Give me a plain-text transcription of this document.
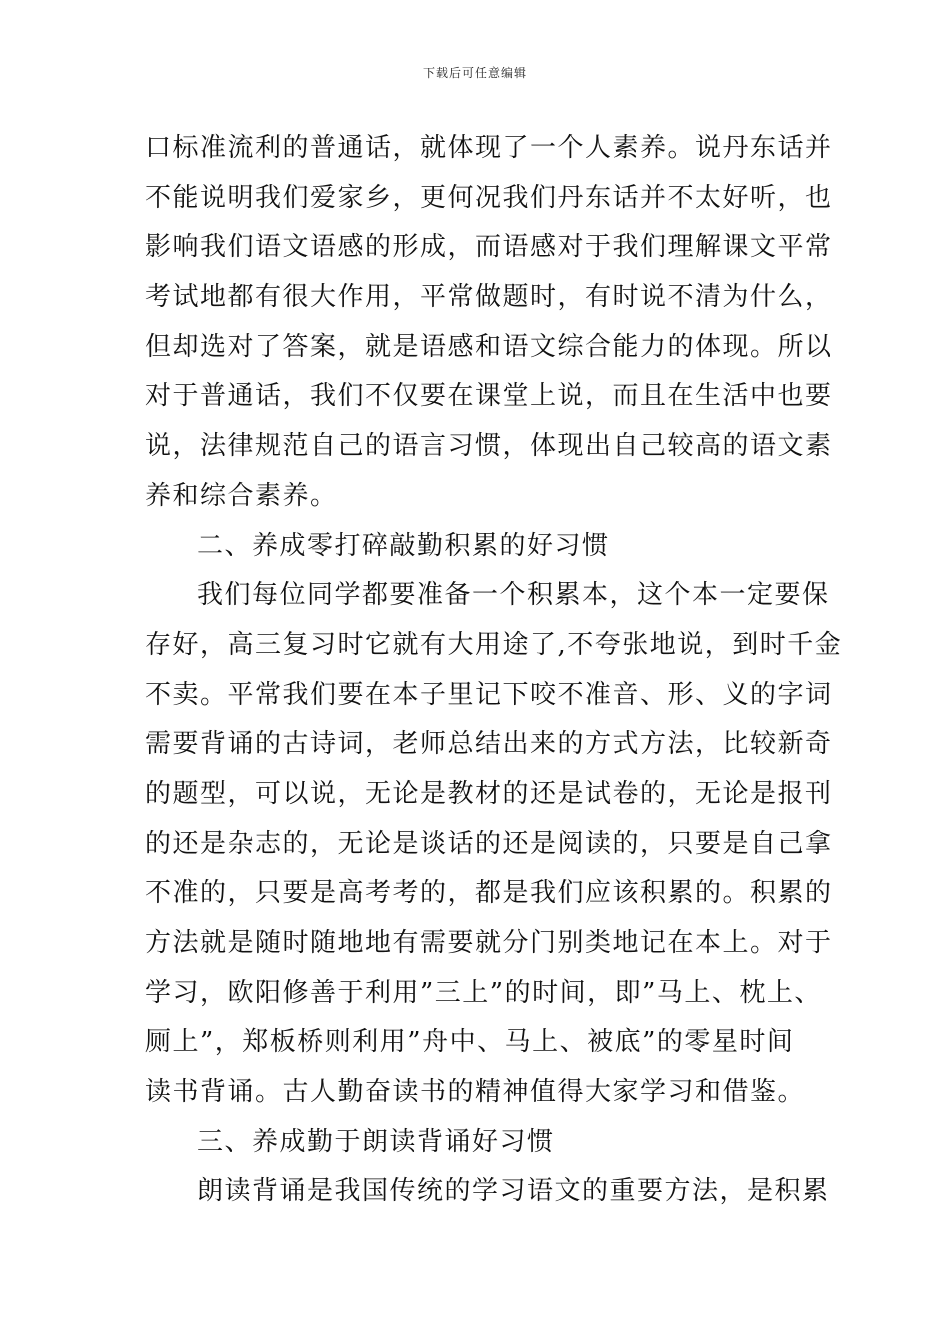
下载后可任意编辑
口标准流利的普通话，就体现了一个人素养。说丹东话并
不能说明我们爱家乡，更何况我们丹东话并不太好听，也
影响我们语文语感的形成，而语感对于我们理解课文平常
考试地都有很大作用，平常做题时，有时说不清为什么，
但却选对了答案，就是语感和语文综合能力的体现。所以
对于普通话，我们不仅要在课堂上说，而且在生活中也要
说，法律规范自己的语言习惯，体现出自己较高的语文素
养和综合素养。
二、养成零打碎敲勤积累的好习惯
我们每位同学都要准备一个积累本，这个本一定要保
存好，高三复习时它就有大用途了,不夸张地说，到时千金
不卖。平常我们要在本子里记下咬不准音、形、义的字词
需要背诵的古诗词，老师总结出来的方式方法，比较新奇
的题型，可以说，无论是教材的还是试卷的，无论是报刊
的还是杂志的，无论是谈话的还是阅读的，只要是自己拿
不准的，只要是高考考的，都是我们应该积累的。积累的
方法就是随时随地地有需要就分门别类地记在本上。对于
学习，欧阳修善于利用”三上”的时间，即”马上、枕上、
厕上”，郑板桥则利用”舟中、马上、被底”的零星时间
读书背诵。古人勤奋读书的精神值得大家学习和借鉴。
三、养成勤于朗读背诵好习惯
朗读背诵是我国传统的学习语文的重要方法，是积累
